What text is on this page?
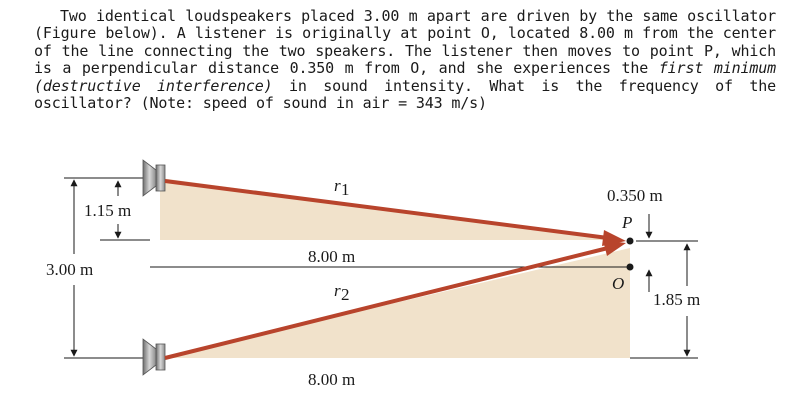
Two identical loudspeakers placed 3.00 m apart are driven by the same oscillator (Figure below). A listener is originally at point O, located 8.00 m from the center of the line connecting the two speakers. The listener then moves to point P, which is a perpendicular distance 0.350 m from O, and she experiences the first minimum (destructive interference) in sound intensity. What is the frequency of the oscillator? (Note: speed of sound in air = 343 m/s)

3.00 m
1.15 m
r 1
r 2
8.00 m
8.00 m
P
O
0.350 m
1.85 m
